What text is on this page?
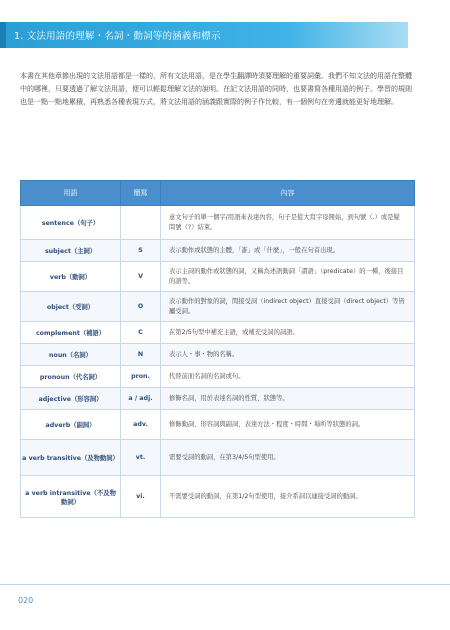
1. 文法用語的理解・名詞・動詞等的涵義和標示
本書在其他章節出現的文法用語都是一樣的，所有文法用語，是在學生翻譯時須要理解的重要詞彙。我們不知文法的用語在整體中的哪裡，只要透過了解文法用語，便可以輕鬆理解文法的說明。在記文法用語的同時，也要書寫各種用語的例子。學習的規則也是一點一點地累積，再熟悉各種表現方式，將文法用語的涵義跟實際的例子作比較，有一個例句在旁邊就能更好地理解。
用語	簡寫	內容
sentence（句子）		意文句子的單一個字/用語來表達內容，句子是從大寫字母開始，到句號（.）或是疑問號（?）結束。
subject（主詞）	S	表示動作或狀態的主體，「誰」或「什麼」，一般在句首出現。
verb（動詞）	V	表示主詞的動作或狀態的詞，又稱為述語動詞「謂語」（predicate）的一種，後接目的語等。
object（受詞）	O	表示動作的對象的詞，間接受詞（indirect object）直接受詞（direct object）等皆屬受詞。
complement（補語）	C	在第2/5句型中補充主語，或補充受詞的詞語。
noun（名詞）	N	表示人・事・物的名稱。
pronoun（代名詞）	pron.	代替前面名詞的名詞或句。
adjective（形容詞）	a / adj.	修飾名詞，用於表達名詞的性質、狀態等。
adverb（副詞）	adv.	修飾動詞、形容詞與副詞，表達方法・程度・時間・場所等狀態的詞。
a verb transitive（及物動詞）	vt.	需要受詞的動詞，在第3/4/5句型使用。
a verb intransitive（不及物動詞）	vi.	不需要受詞的動詞，在第1/2句型使用，接介系詞以連接受詞的動詞。
020
